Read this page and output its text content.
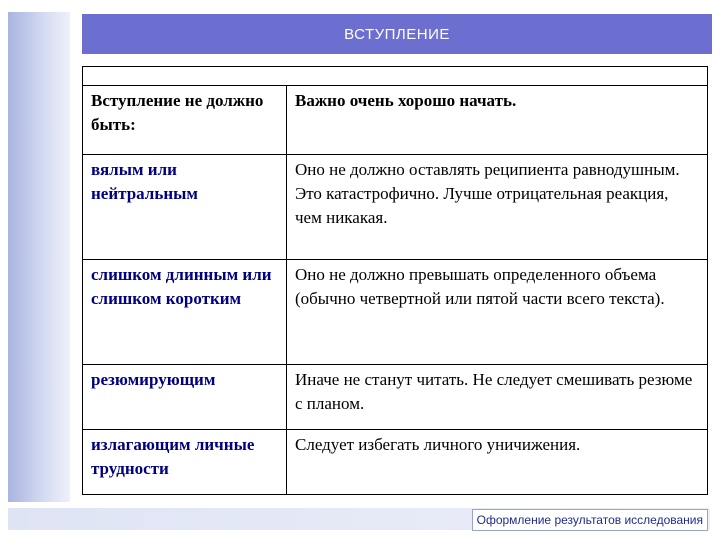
ВСТУПЛЕНИЕ

Вступление не должно быть:	Важно очень хорошо начать.
вялым или нейтральным	Оно не должно оставлять реципиента равнодушным. Это катастрофично. Лучше отрицательная реакция, чем никакая.
слишком длинным или слишком коротким	Оно не должно превышать определенного объема (обычно четвертной или пятой части всего текста).
резюмирующим	Иначе не станут читать. Не следует смешивать резюме с планом.
излагающим личные трудности	Следует избегать личного уничижения.
Оформление результатов исследования
